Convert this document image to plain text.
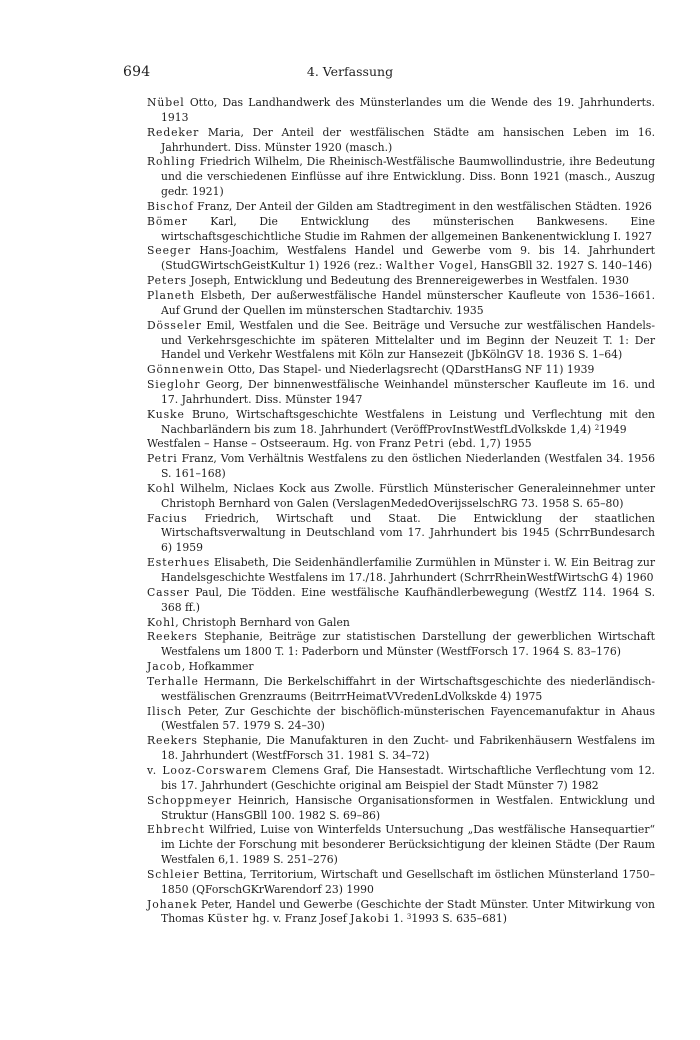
694	4. Verfassung
Nübel Otto, Das Landhandwerk des Münsterlandes um die Wende des 19. Jahrhunderts. 1913
Redeker Maria, Der Anteil der westfälischen Städte am hansischen Leben im 16. Jahrhundert. Diss. Münster 1920 (masch.)
Rohling Friedrich Wilhelm, Die Rheinisch-Westfälische Baumwollindustrie, ihre Bedeutung und die verschiedenen Einflüsse auf ihre Entwicklung. Diss. Bonn 1921 (masch., Auszug gedr. 1921)
Bischof Franz, Der Anteil der Gilden am Stadtregiment in den westfälischen Städten. 1926
Bömer Karl, Die Entwicklung des münsterischen Bankwesens. Eine wirtschaftsgeschichtliche Studie im Rahmen der allgemeinen Bankenentwicklung I. 1927
Seeger Hans-Joachim, Westfalens Handel und Gewerbe vom 9. bis 14. Jahrhundert (StudGWirtschGeistKultur 1) 1926 (rez.: Walther Vogel, HansGBll 32. 1927 S. 140–146)
Peters Joseph, Entwicklung und Bedeutung des Brennereigewerbes in Westfalen. 1930
Planeth Elsbeth, Der außerwestfälische Handel münsterscher Kaufleute von 1536–1661. Auf Grund der Quellen im münsterschen Stadtarchiv. 1935
Dösseler Emil, Westfalen und die See. Beiträge und Versuche zur westfälischen Handels- und Verkehrsgeschichte im späteren Mittelalter und im Beginn der Neuzeit T. 1: Der Handel und Verkehr Westfalens mit Köln zur Hansezeit (JbKölnGV 18. 1936 S. 1–64)
Gönnenwein Otto, Das Stapel- und Niederlagsrecht (QDarstHansG NF 11) 1939
Sieglohr Georg, Der binnenwestfälische Weinhandel münsterscher Kaufleute im 16. und 17. Jahrhundert. Diss. Münster 1947
Kuske Bruno, Wirtschaftsgeschichte Westfalens in Leistung und Verflechtung mit den Nachbarländern bis zum 18. Jahrhundert (VeröffProvInstWestfLdVolkskde 1,4) $^2$1949
Westfalen – Hanse – Ostseeraum. Hg. von Franz Petri (ebd. 1,7) 1955
Petri Franz, Vom Verhältnis Westfalens zu den östlichen Niederlanden (Westfalen 34. 1956 S. 161–168)
Kohl Wilhelm, Niclaes Kock aus Zwolle. Fürstlich Münsterischer Generaleinnehmer unter Christoph Bernhard von Galen (VerslagenMededOverijsselschRG 73. 1958 S. 65–80)
Facius Friedrich, Wirtschaft und Staat. Die Entwicklung der staatlichen Wirtschaftsverwaltung in Deutschland vom 17. Jahrhundert bis 1945 (SchrrBundesarch 6) 1959
Esterhues Elisabeth, Die Seidenhändlerfamilie Zurmühlen in Münster i. W. Ein Beitrag zur Handelsgeschichte Westfalens im 17./18. Jahrhundert (SchrrRheinWestfWirtschG 4) 1960
Casser Paul, Die Tödden. Eine westfälische Kaufhändlerbewegung (WestfZ 114. 1964 S. 368 ff.)
Kohl, Christoph Bernhard von Galen
Reekers Stephanie, Beiträge zur statistischen Darstellung der gewerblichen Wirtschaft Westfalens um 1800 T. 1: Paderborn und Münster (WestfForsch 17. 1964 S. 83–176)
Jacob, Hofkammer
Terhalle Hermann, Die Berkelschiffahrt in der Wirtschaftsgeschichte des niederländisch-westfälischen Grenzraums (BeitrrHeimatVVredenLdVolkskde 4) 1975
Ilisch Peter, Zur Geschichte der bischöflich-münsterischen Fayencemanufaktur in Ahaus (Westfalen 57. 1979 S. 24–30)
Reekers Stephanie, Die Manufakturen in den Zucht- und Fabrikenhäusern Westfalens im 18. Jahrhundert (WestfForsch 31. 1981 S. 34–72)
v. Looz-Corswarem Clemens Graf, Die Hansestadt. Wirtschaftliche Verflechtung vom 12. bis 17. Jahrhundert (Geschichte original am Beispiel der Stadt Münster 7) 1982
Schoppmeyer Heinrich, Hansische Organisationsformen in Westfalen. Entwicklung und Struktur (HansGBll 100. 1982 S. 69–86)
Ehbrecht Wilfried, Luise von Winterfelds Untersuchung „Das westfälische Hansequartier“ im Lichte der Forschung mit besonderer Berücksichtigung der kleinen Städte (Der Raum Westfalen 6,1. 1989 S. 251–276)
Schleier Bettina, Territorium, Wirtschaft und Gesellschaft im östlichen Münsterland 1750–1850 (QForschGKrWarendorf 23) 1990
Johanek Peter, Handel und Gewerbe (Geschichte der Stadt Münster. Unter Mitwirkung von Thomas Küster hg. v. Franz Josef Jakobi 1. $^3$1993 S. 635–681)
